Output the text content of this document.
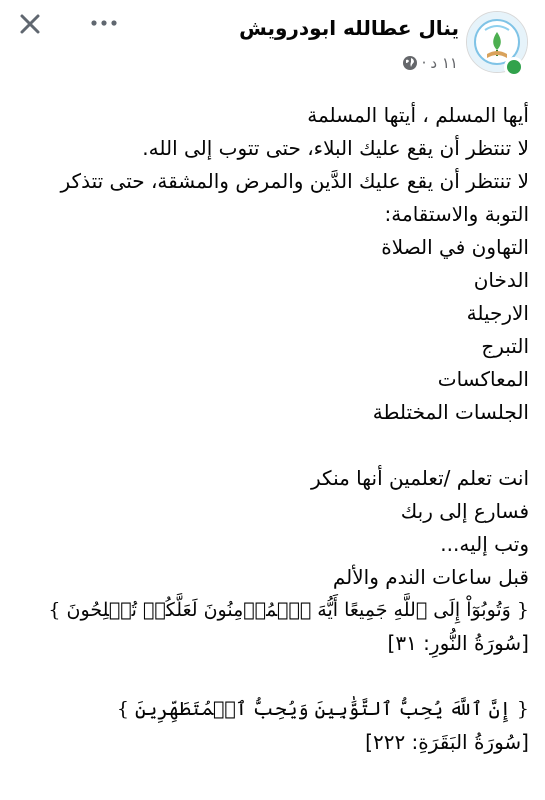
ينال عطالله ابودرويش
١١ د
·
أيها المسلم ، أيتها المسلمة
لا تنتظر أن يقع عليك البلاء، حتى تتوب إلى الله.
لا تنتظر أن يقع عليك الدَّين والمرض والمشقة، حتى تتذكر
التوبة والاستقامة:
التهاون في الصلاة
الدخان
الارجيلة
التبرج
المعاكسات
الجلسات المختلطة
انت تعلم /تعلمين أنها منكر
فسارع إلى ربك
وتب إليه...
قبل ساعات الندم والألم
{ وَتُوبُوٓاْ إِلَى ٱللَّهِ جَمِيعًا أَيُّهَ ٱلۡمُؤۡمِنُونَ لَعَلَّكُمۡ تُفۡلِحُونَ }
[سُورَةُ النُّورِ: ٣١]
{ إِنَّ ٱللَّهَ يُحِبُّ ٱلتَّوَّٰبِينَ وَيُحِبُّ ٱلۡمُتَطَهِّرِينَ }
[سُورَةُ البَقَرَةِ: ٢٢٢]
